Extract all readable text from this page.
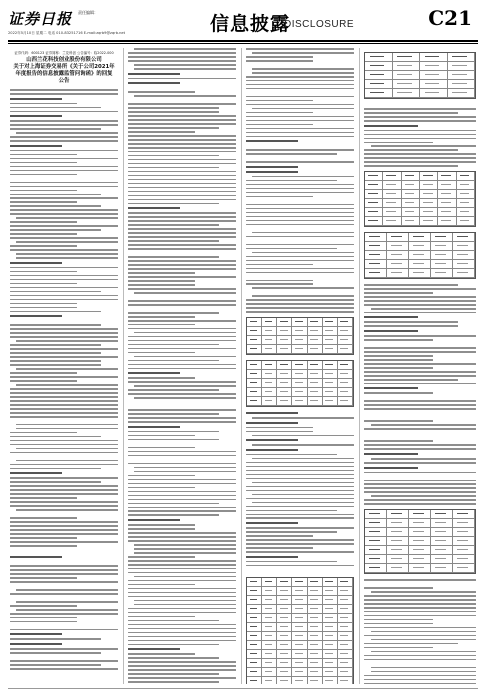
证券日报 责任编辑：
2022年5月10日 星期二 电话 010-83251716 E-mail:zqrb9@zqrb.net	信息披露
DISCLOSURE	C21
证券代码：600123 证券简称：兰花科创 公告编号：临2022-000
山西兰花科技创业股份有限公司
关于对上海证券交易所《关于公司2021年
年度报告的信息披露监管问询函》的回复
公告
